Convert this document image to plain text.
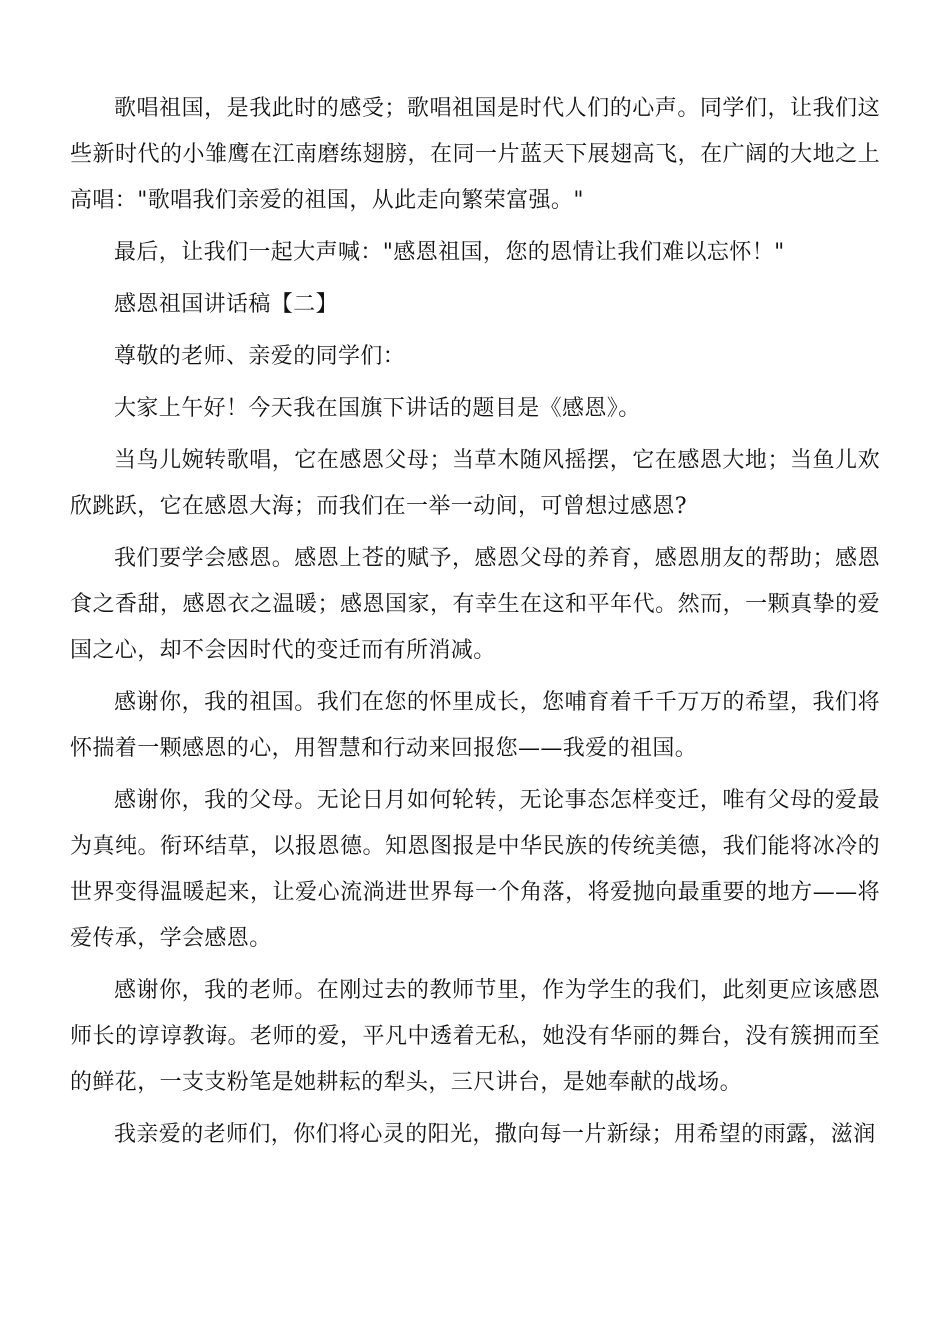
歌唱祖国，是我此时的感受；歌唱祖国是时代人们的心声。同学们，让我们这些新时代的小雏鹰在江南磨练翅膀，在同一片蓝天下展翅高飞，在广阔的大地之上高唱："歌唱我们亲爱的祖国，从此走向繁荣富强。"

最后，让我们一起大声喊："感恩祖国，您的恩情让我们难以忘怀！"

感恩祖国讲话稿【二】

尊敬的老师、亲爱的同学们：

大家上午好！今天我在国旗下讲话的题目是《感恩》。

当鸟儿婉转歌唱，它在感恩父母；当草木随风摇摆，它在感恩大地；当鱼儿欢欣跳跃，它在感恩大海；而我们在一举一动间，可曾想过感恩?

我们要学会感恩。感恩上苍的赋予，感恩父母的养育，感恩朋友的帮助；感恩食之香甜，感恩衣之温暖；感恩国家，有幸生在这和平年代。然而，一颗真挚的爱国之心，却不会因时代的变迁而有所消减。

感谢你，我的祖国。我们在您的怀里成长，您哺育着千千万万的希望，我们将怀揣着一颗感恩的心，用智慧和行动来回报您——我爱的祖国。

感谢你，我的父母。无论日月如何轮转，无论事态怎样变迁，唯有父母的爱最为真纯。衔环结草，以报恩德。知恩图报是中华民族的传统美德，我们能将冰冷的世界变得温暖起来，让爱心流淌进世界每一个角落，将爱抛向最重要的地方——将爱传承，学会感恩。

感谢你，我的老师。在刚过去的教师节里，作为学生的我们，此刻更应该感恩师长的谆谆教诲。老师的爱，平凡中透着无私，她没有华丽的舞台，没有簇拥而至的鲜花，一支支粉笔是她耕耘的犁头，三尺讲台，是她奉献的战场。

我亲爱的老师们，你们将心灵的阳光，撒向每一片新绿；用希望的雨露，滋润
